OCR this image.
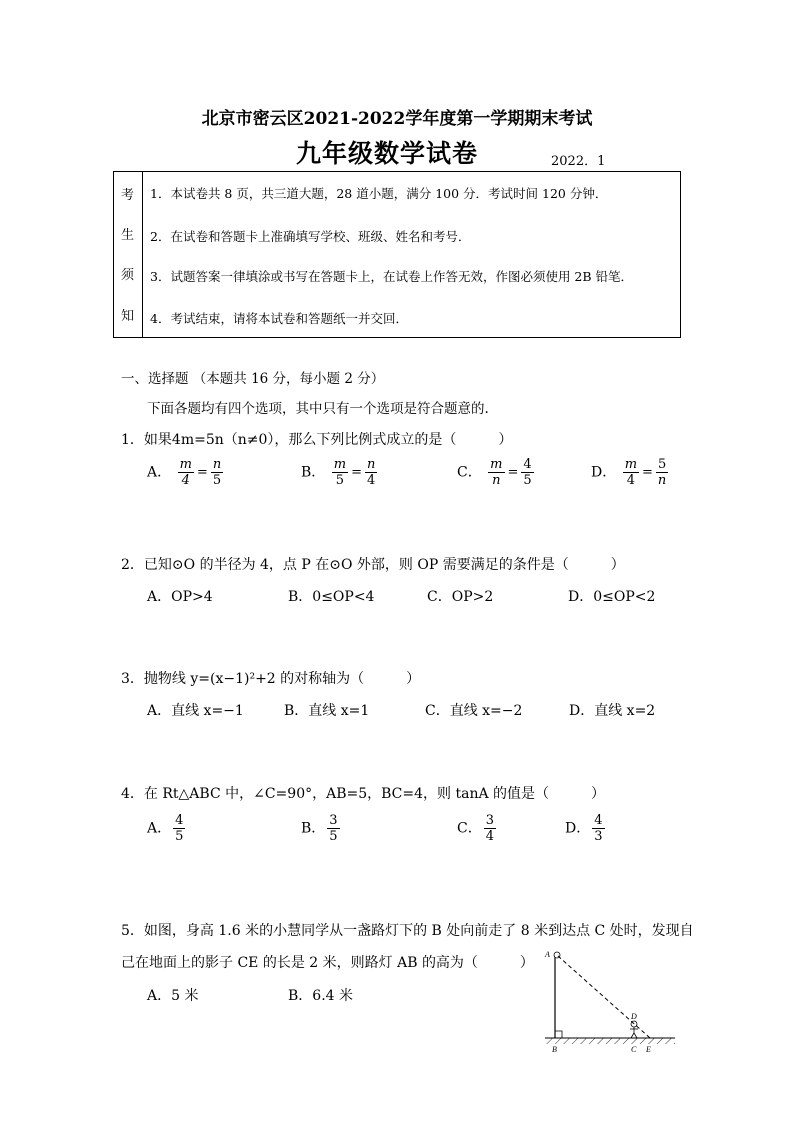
北京市密云区2021-2022学年度第一学期期末考试
九年级数学试卷	2022．1
考
生
须
知
1．本试卷共 8 页，共三道大题，28 道小题，满分 100 分．考试时间 120 分钟．
2．在试卷和答题卡上准确填写学校、班级、姓名和考号．
3．试题答案一律填涂或书写在答题卡上，在试卷上作答无效，作图必须使用 2B 铅笔．
4．考试结束，请将本试卷和答题纸一并交回．
一、选择题 （本题共 16 分，每小题 2 分）
下面各题均有四个选项，其中只有一个选项是符合题意的.
1．如果4m=5n（n≠0），那么下列比例式成立的是（　　　）
A． $\frac{m}{4} = \frac{n}{5}$	B． $\frac{m}{5} = \frac{n}{4}$	C． $\frac{m}{n} = \frac{4}{5}$	D． $\frac{m}{4} = \frac{5}{n}$
2．已知⊙O 的半径为 4，点 P 在⊙O 外部，则 OP 需要满足的条件是（　　　）
A．OP>4	B．0≤OP<4	C．OP>2	D．0≤OP<2
3．抛物线 y=(x−1)²+2 的对称轴为（　　　）
A．直线 x=−1	B．直线 x=1	C．直线 x=−2	D．直线 x=2
4．在 Rt△ABC 中，∠C=90°，AB=5，BC=4，则 tanA 的值是（　　　）
A． $\frac{4}{5}$	B． $\frac{3}{5}$	C． $\frac{3}{4}$	D． $\frac{4}{3}$
5．如图，身高 1.6 米的小慧同学从一盏路灯下的 B 处向前走了 8 米到达点 C 处时，发现自
己在地面上的影子 CE 的长是 2 米，则路灯 AB 的高为（　　　）
A．5 米	B．6.4 米
A
B
D
C E
